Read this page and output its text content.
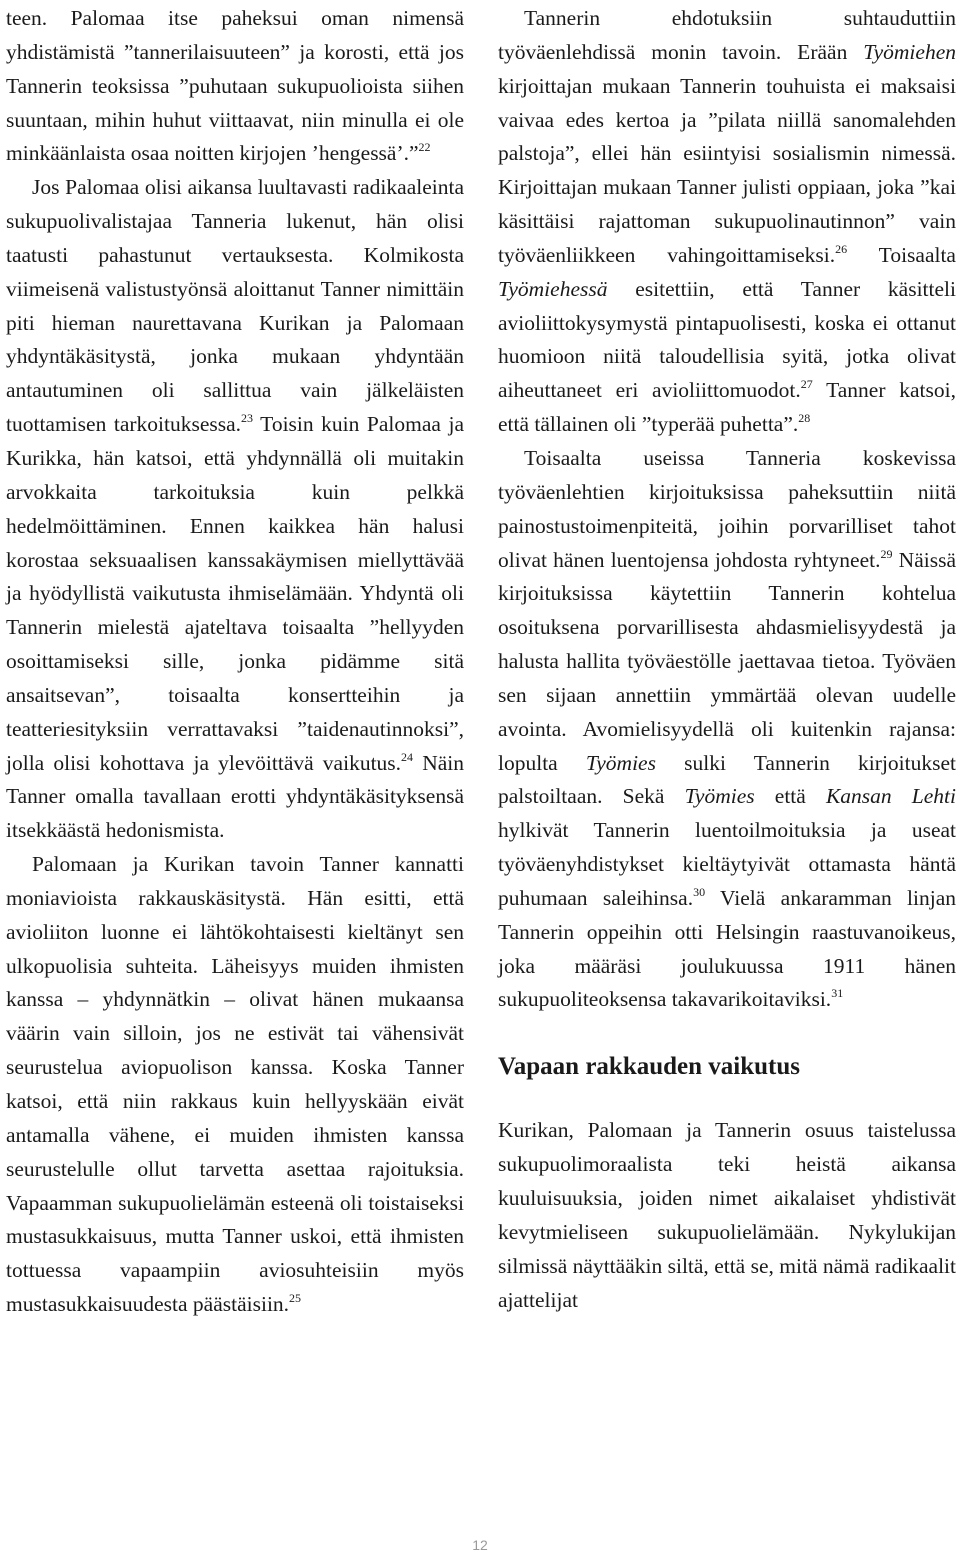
teen. Palomaa itse paheksui oman nimensä yhdistämistä ”tannerilaisuuteen” ja korosti, että jos Tannerin teoksissa ”puhutaan sukupuolioista siihen suuntaan, mihin huhut viittaavat, niin minulla ei ole minkäänlaista osaa noitten kirjojen ’hengessä’.”$^{22}$

Jos Palomaa olisi aikansa luultavasti radikaaleinta sukupuolivalistajaa Tanneria lukenut, hän olisi taatusti pahastunut vertauksesta. Kolmikosta viimeisenä valistustyönsä aloittanut Tanner nimittäin piti hieman naurettavana Kurikan ja Palomaan yhdyntäkäsitystä, jonka mukaan yhdyntään antautuminen oli sallittua vain jälkeläisten tuottamisen tarkoituksessa.$^{23}$ Toisin kuin Palomaa ja Kurikka, hän katsoi, että yhdynnällä oli muitakin arvokkaita tarkoituksia kuin pelkkä hedelmöittäminen. Ennen kaikkea hän halusi korostaa seksuaalisen kanssakäymisen miellyttävää ja hyödyllistä vaikutusta ihmiselämään. Yhdyntä oli Tannerin mielestä ajateltava toisaalta ”hellyyden osoittamiseksi sille, jonka pidämme sitä ansaitsevan”, toisaalta konsertteihin ja teatteriesityksiin verrattavaksi ”taidenautinnoksi”, jolla olisi kohottava ja ylevöittävä vaikutus.$^{24}$ Näin Tanner omalla tavallaan erotti yhdyntäkäsityksensä itsekkäästä hedonismista.

Palomaan ja Kurikan tavoin Tanner kannatti moniavioista rakkauskäsitystä. Hän esitti, että avioliiton luonne ei lähtökohtaisesti kieltänyt sen ulkopuolisia suhteita. Läheisyys muiden ihmisten kanssa – yhdynnätkin – olivat hänen mukaansa väärin vain silloin, jos ne estivät tai vähensivät seurustelua aviopuolison kanssa. Koska Tanner katsoi, että niin rakkaus kuin hellyyskään eivät antamalla vähene, ei muiden ihmisten kanssa seurustelulle ollut tarvetta asettaa rajoituksia. Vapaamman sukupuolielämän esteenä oli toistaiseksi mustasukkaisuus, mutta Tanner uskoi, että ihmisten tottuessa vapaampiin aviosuhteisiin myös mustasukkaisuudesta päästäisiin.$^{25}$

Tannerin ehdotuksiin suhtauduttiin työväenlehdissä monin tavoin. Erään Työmiehen kirjoittajan mukaan Tannerin touhuista ei maksaisi vaivaa edes kertoa ja ”pilata niillä sanomalehden palstoja”, ellei hän esiintyisi sosialismin nimessä. Kirjoittajan mukaan Tanner julisti oppiaan, joka ”kai käsittäisi rajattoman sukupuolinautinnon” vain työväenliikkeen vahingoittamiseksi.$^{26}$ Toisaalta Työmiehessä esitettiin, että Tanner käsitteli avioliittokysymystä pintapuolisesti, koska ei ottanut huomioon niitä taloudellisia syitä, jotka olivat aiheuttaneet eri avioliittomuodot.$^{27}$ Tanner katsoi, että tällainen oli ”typerää puhetta”.$^{28}$

Toisaalta useissa Tanneria koskevissa työväenlehtien kirjoituksissa paheksuttiin niitä painostustoimenpiteitä, joihin porvarilliset tahot olivat hänen luentojensa johdosta ryhtyneet.$^{29}$ Näissä kirjoituksissa käytettiin Tannerin kohtelua osoituksena porvarillisesta ahdasmielisyydestä ja halusta hallita työväestölle jaettavaa tietoa. Työväen sen sijaan annettiin ymmärtää olevan uudelle avointa. Avomielisyydellä oli kuitenkin rajansa: lopulta Työmies sulki Tannerin kirjoitukset palstoiltaan. Sekä Työmies että Kansan Lehti hylkivät Tannerin luentoilmoituksia ja useat työväenyhdistykset kieltäytyivät ottamasta häntä puhumaan saleihinsa.$^{30}$ Vielä ankaramman linjan Tannerin oppeihin otti Helsingin raastuvanoikeus, joka määräsi joulukuussa 1911 hänen sukupuoliteoksensa takavarikoitaviksi.$^{31}$

Vapaan rakkauden vaikutus

Kurikan, Palomaan ja Tannerin osuus taistelussa sukupuolimoraalista teki heistä aikansa kuuluisuuksia, joiden nimet aikalaiset yhdistivät kevytmieliseen sukupuolielämään. Nykylukijan silmissä näyttääkin siltä, että se, mitä nämä radikaalit ajattelijat

12
